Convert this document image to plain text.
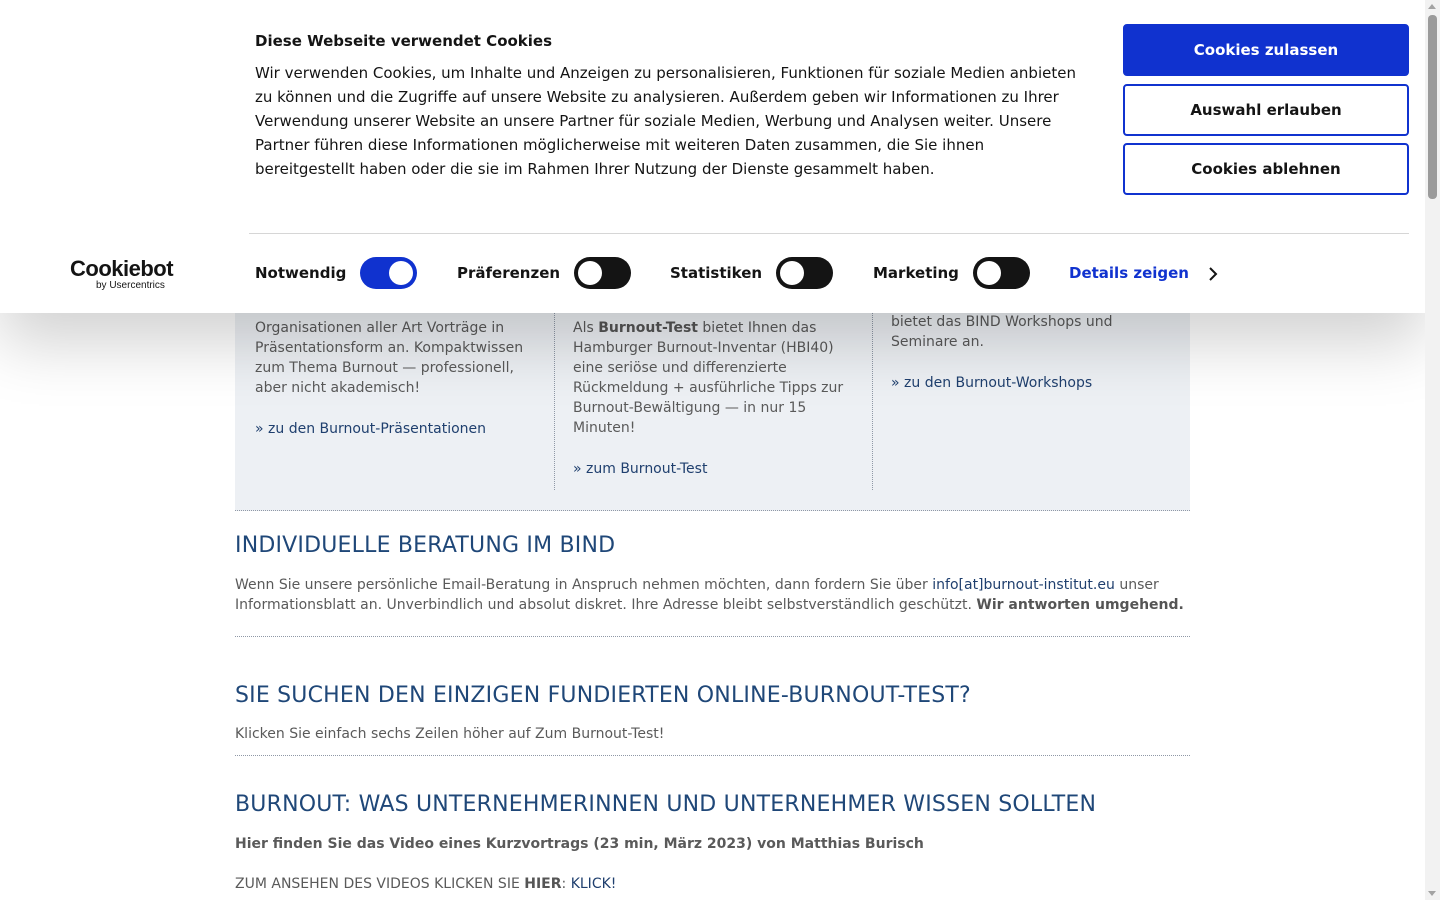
Organisationen aller Art Vorträge in Präsentationsform an. Kompaktwissen zum Thema Burnout — professionell, aber nicht akademisch!

» zu den Burnout-Präsentationen

Als Burnout-Test bietet Ihnen das Hamburger Burnout-Inventar (HBI40) eine seriöse und differenzierte Rückmeldung + ausführliche Tipps zur Burnout-Bewältigung — in nur 15 Minuten!

» zum Burnout-Test

bietet das BIND Workshops und Seminare an.

» zu den Burnout-Workshops
INDIVIDUELLE BERATUNG IM BIND

Wenn Sie unsere persönliche Email-Beratung in Anspruch nehmen möchten, dann fordern Sie über info[at]burnout-institut.eu unser Informationsblatt an. Unverbindlich und absolut diskret. Ihre Adresse bleibt selbstverständlich geschützt. Wir antworten umgehend.

SIE SUCHEN DEN EINZIGEN FUNDIERTEN ONLINE-BURNOUT-TEST?

Klicken Sie einfach sechs Zeilen höher auf Zum Burnout-Test!

BURNOUT: WAS UNTERNEHMERINNEN UND UNTERNEHMER WISSEN SOLLTEN

Hier finden Sie das Video eines Kurzvortrags (23 min, März 2023) von Matthias Burisch

ZUM ANSEHEN DES VIDEOS KLICKEN SIE HIER: KLICK!

Diese Webseite verwendet Cookies
Wir verwenden Cookies, um Inhalte und Anzeigen zu personalisieren, Funktionen für soziale Medien anbieten zu können und die Zugriffe auf unsere Website zu analysieren. Außerdem geben wir Informationen zu Ihrer Verwendung unserer Website an unsere Partner für soziale Medien, Werbung und Analysen weiter. Unsere Partner führen diese Informationen möglicherweise mit weiteren Daten zusammen, die Sie ihnen bereitgestellt haben oder die sie im Rahmen Ihrer Nutzung der Dienste gesammelt haben.
Cookies zulassen
Auswahl erlauben
Cookies ablehnen
Cookiebot
by Usercentrics
Notwendig	Präferenzen	Statistiken	Marketing	Details zeigen
